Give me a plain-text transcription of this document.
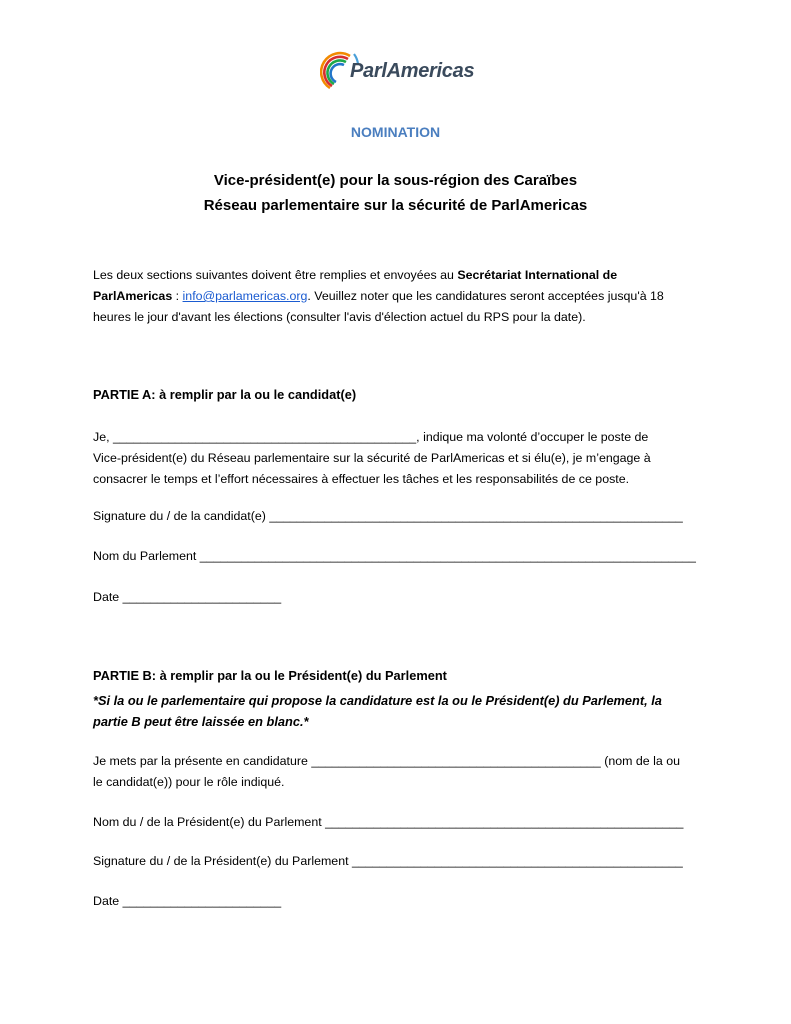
ParlAmericas
NOMINATION
Vice-président(e) pour la sous-région des Caraïbes
Réseau parlementaire sur la sécurité de ParlAmericas
Les deux sections suivantes doivent être remplies et envoyées au Secrétariat International de
ParlAmericas : info@parlamericas.org. Veuillez noter que les candidatures seront acceptées jusqu'à 18
heures le jour d'avant les élections (consulter l'avis d'élection actuel du RPS pour la date).
PARTIE A: à remplir par la ou le candidat(e)
Je, ____________________________________________, indique ma volonté d’occuper le poste de
Vice-président(e) du Réseau parlementaire sur la sécurité de ParlAmericas et si élu(e), je m’engage à
consacrer le temps et l’effort nécessaires à effectuer les tâches et les responsabilités de ce poste.
Signature du / de la candidat(e) ____________________________________________________________
Nom du Parlement ________________________________________________________________________
Date _______________________
PARTIE B: à remplir par la ou le Président(e) du Parlement
*Si la ou le parlementaire qui propose la candidature est la ou le Président(e) du Parlement, la
partie B peut être laissée en blanc.*
Je mets par la présente en candidature __________________________________________ (nom de la ou
le candidat(e)) pour le rôle indiqué.
Nom du / de la Président(e) du Parlement ____________________________________________________
Signature du / de la Président(e) du Parlement ________________________________________________
Date _______________________
